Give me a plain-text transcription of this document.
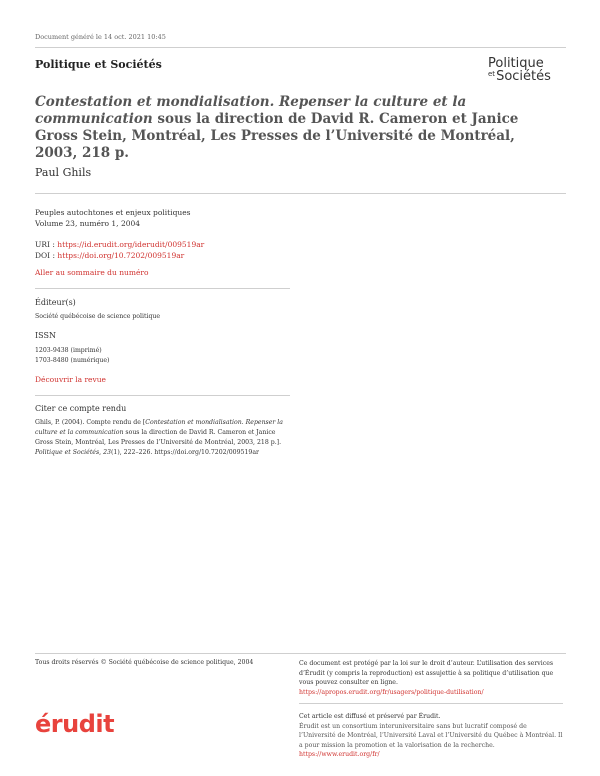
Document généré le 14 oct. 2021 10:45
Politique et Sociétés	Politique
$^{et}$Sociétés
Contestation et mondialisation. Repenser la culture et la communication sous la direction de David R. Cameron et Janice Gross Stein, Montréal, Les Presses de l’Université de Montréal, 2003, 218 p.
Paul Ghils
Peuples autochtones et enjeux politiques
Volume 23, numéro 1, 2004
URI : https://id.erudit.org/iderudit/009519ar
DOI : https://doi.org/10.7202/009519ar
Aller au sommaire du numéro
Éditeur(s)
Société québécoise de science politique
ISSN
1203-9438 (imprimé)
1703-8480 (numérique)
Découvrir la revue
Citer ce compte rendu
Ghils, P. (2004). Compte rendu de [Contestation et mondialisation. Repenser la culture et la communication sous la direction de David R. Cameron et Janice Gross Stein, Montréal, Les Presses de l’Université de Montréal, 2003, 218 p.]. Politique et Sociétés, 23(1), 222–226. https://doi.org/10.7202/009519ar
Tous droits réservés © Société québécoise de science politique, 2004	Ce document est protégé par la loi sur le droit d’auteur. L’utilisation des services d’Érudit (y compris la reproduction) est assujettie à sa politique d’utilisation que vous pouvez consulter en ligne.
https://apropos.erudit.org/fr/usagers/politique-dutilisation/
Cet article est diffusé et préservé par Érudit.
Érudit est un consortium interuniversitaire sans but lucratif composé de l’Université de Montréal, l’Université Laval et l’Université du Québec à Montréal. Il a pour mission la promotion et la valorisation de la recherche.
https://www.erudit.org/fr/
érudit
